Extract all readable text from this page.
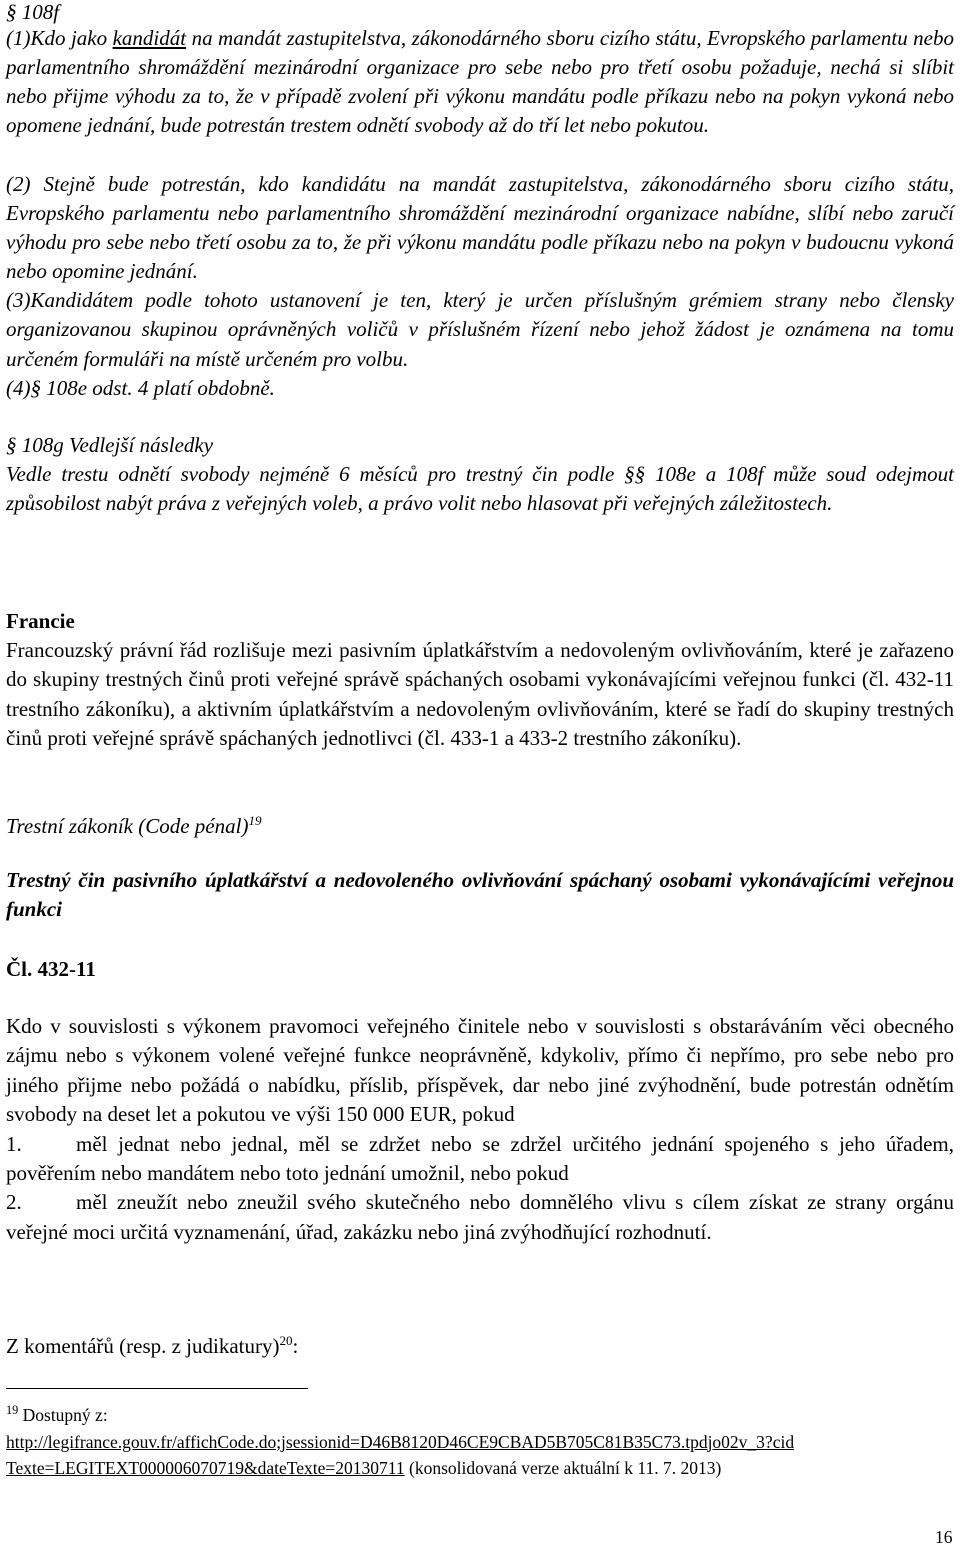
§ 108f

(1)Kdo jako kandidát na mandát zastupitelstva, zákonodárného sboru cizího státu, Evropského parlamentu nebo parlamentního shromáždění mezinárodní organizace pro sebe nebo pro třetí osobu požaduje, nechá si slíbit nebo přijme výhodu za to, že v případě zvolení při výkonu mandátu podle příkazu nebo na pokyn vykoná nebo opomene jednání, bude potrestán trestem odnětí svobody až do tří let nebo pokutou.

(2) Stejně bude potrestán, kdo kandidátu na mandát zastupitelstva, zákonodárného sboru cizího státu, Evropského parlamentu nebo parlamentního shromáždění mezinárodní organizace nabídne, slíbí nebo zaručí výhodu pro sebe nebo třetí osobu za to, že při výkonu mandátu podle příkazu nebo na pokyn v budoucnu vykoná nebo opomine jednání.

(3)Kandidátem podle tohoto ustanovení je ten, který je určen příslušným grémiem strany nebo člensky organizovanou skupinou oprávněných voličů v příslušném řízení nebo jehož žádost je oznámena na tomu určeném formuláři na místě určeném pro volbu.

(4)§ 108e odst. 4 platí obdobně.

§ 108g Vedlejší následky

Vedle trestu odnětí svobody nejméně 6 měsíců pro trestný čin podle §§ 108e a 108f může soud odejmout způsobilost nabýt práva z veřejných voleb, a právo volit nebo hlasovat při veřejných záležitostech.

Francie

Francouzský právní řád rozlišuje mezi pasivním úplatkářstvím a nedovoleným ovlivňováním, které je zařazeno do skupiny trestných činů proti veřejné správě spáchaných osobami vykonávajícími veřejnou funkci (čl. 432-11 trestního zákoníku), a aktivním úplatkářstvím a nedovoleným ovlivňováním, které se řadí do skupiny trestných činů proti veřejné správě spáchaných jednotlivci (čl. 433-1 a 433-2 trestního zákoníku).

Trestní zákoník (Code pénal)$^{19}$

Trestný čin pasivního úplatkářství a nedovoleného ovlivňování spáchaný osobami vykonávajícími veřejnou funkci

Čl. 432-11

Kdo v souvislosti s výkonem pravomoci veřejného činitele nebo v souvislosti s obstaráváním věci obecného zájmu nebo s výkonem volené veřejné funkce neoprávněně, kdykoliv, přímo či nepřímo, pro sebe nebo pro jiného přijme nebo požádá o nabídku, příslib, příspěvek, dar nebo jiné zvýhodnění, bude potrestán odnětím svobody na deset let a pokutou ve výši 150 000 EUR, pokud

1.	měl jednat nebo jednal, měl se zdržet nebo se zdržel určitého jednání spojeného s jeho úřadem, pověřením nebo mandátem nebo toto jednání umožnil, nebo pokud

2.	měl zneužít nebo zneužil svého skutečného nebo domnělého vlivu s cílem získat ze strany orgánu veřejné moci určitá vyznamenání, úřad, zakázku nebo jiná zvýhodňující rozhodnutí.

Z komentářů (resp. z judikatury)$^{20}$:

$^{19}$ Dostupný z:
http://legifrance.gouv.fr/affichCode.do;jsessionid=D46B8120D46CE9CBAD5B705C81B35C73.tpdjo02v_3?cid
Texte=LEGITEXT000006070719&dateTexte=20130711 (konsolidovaná verze aktuální k 11. 7. 2013)
16
